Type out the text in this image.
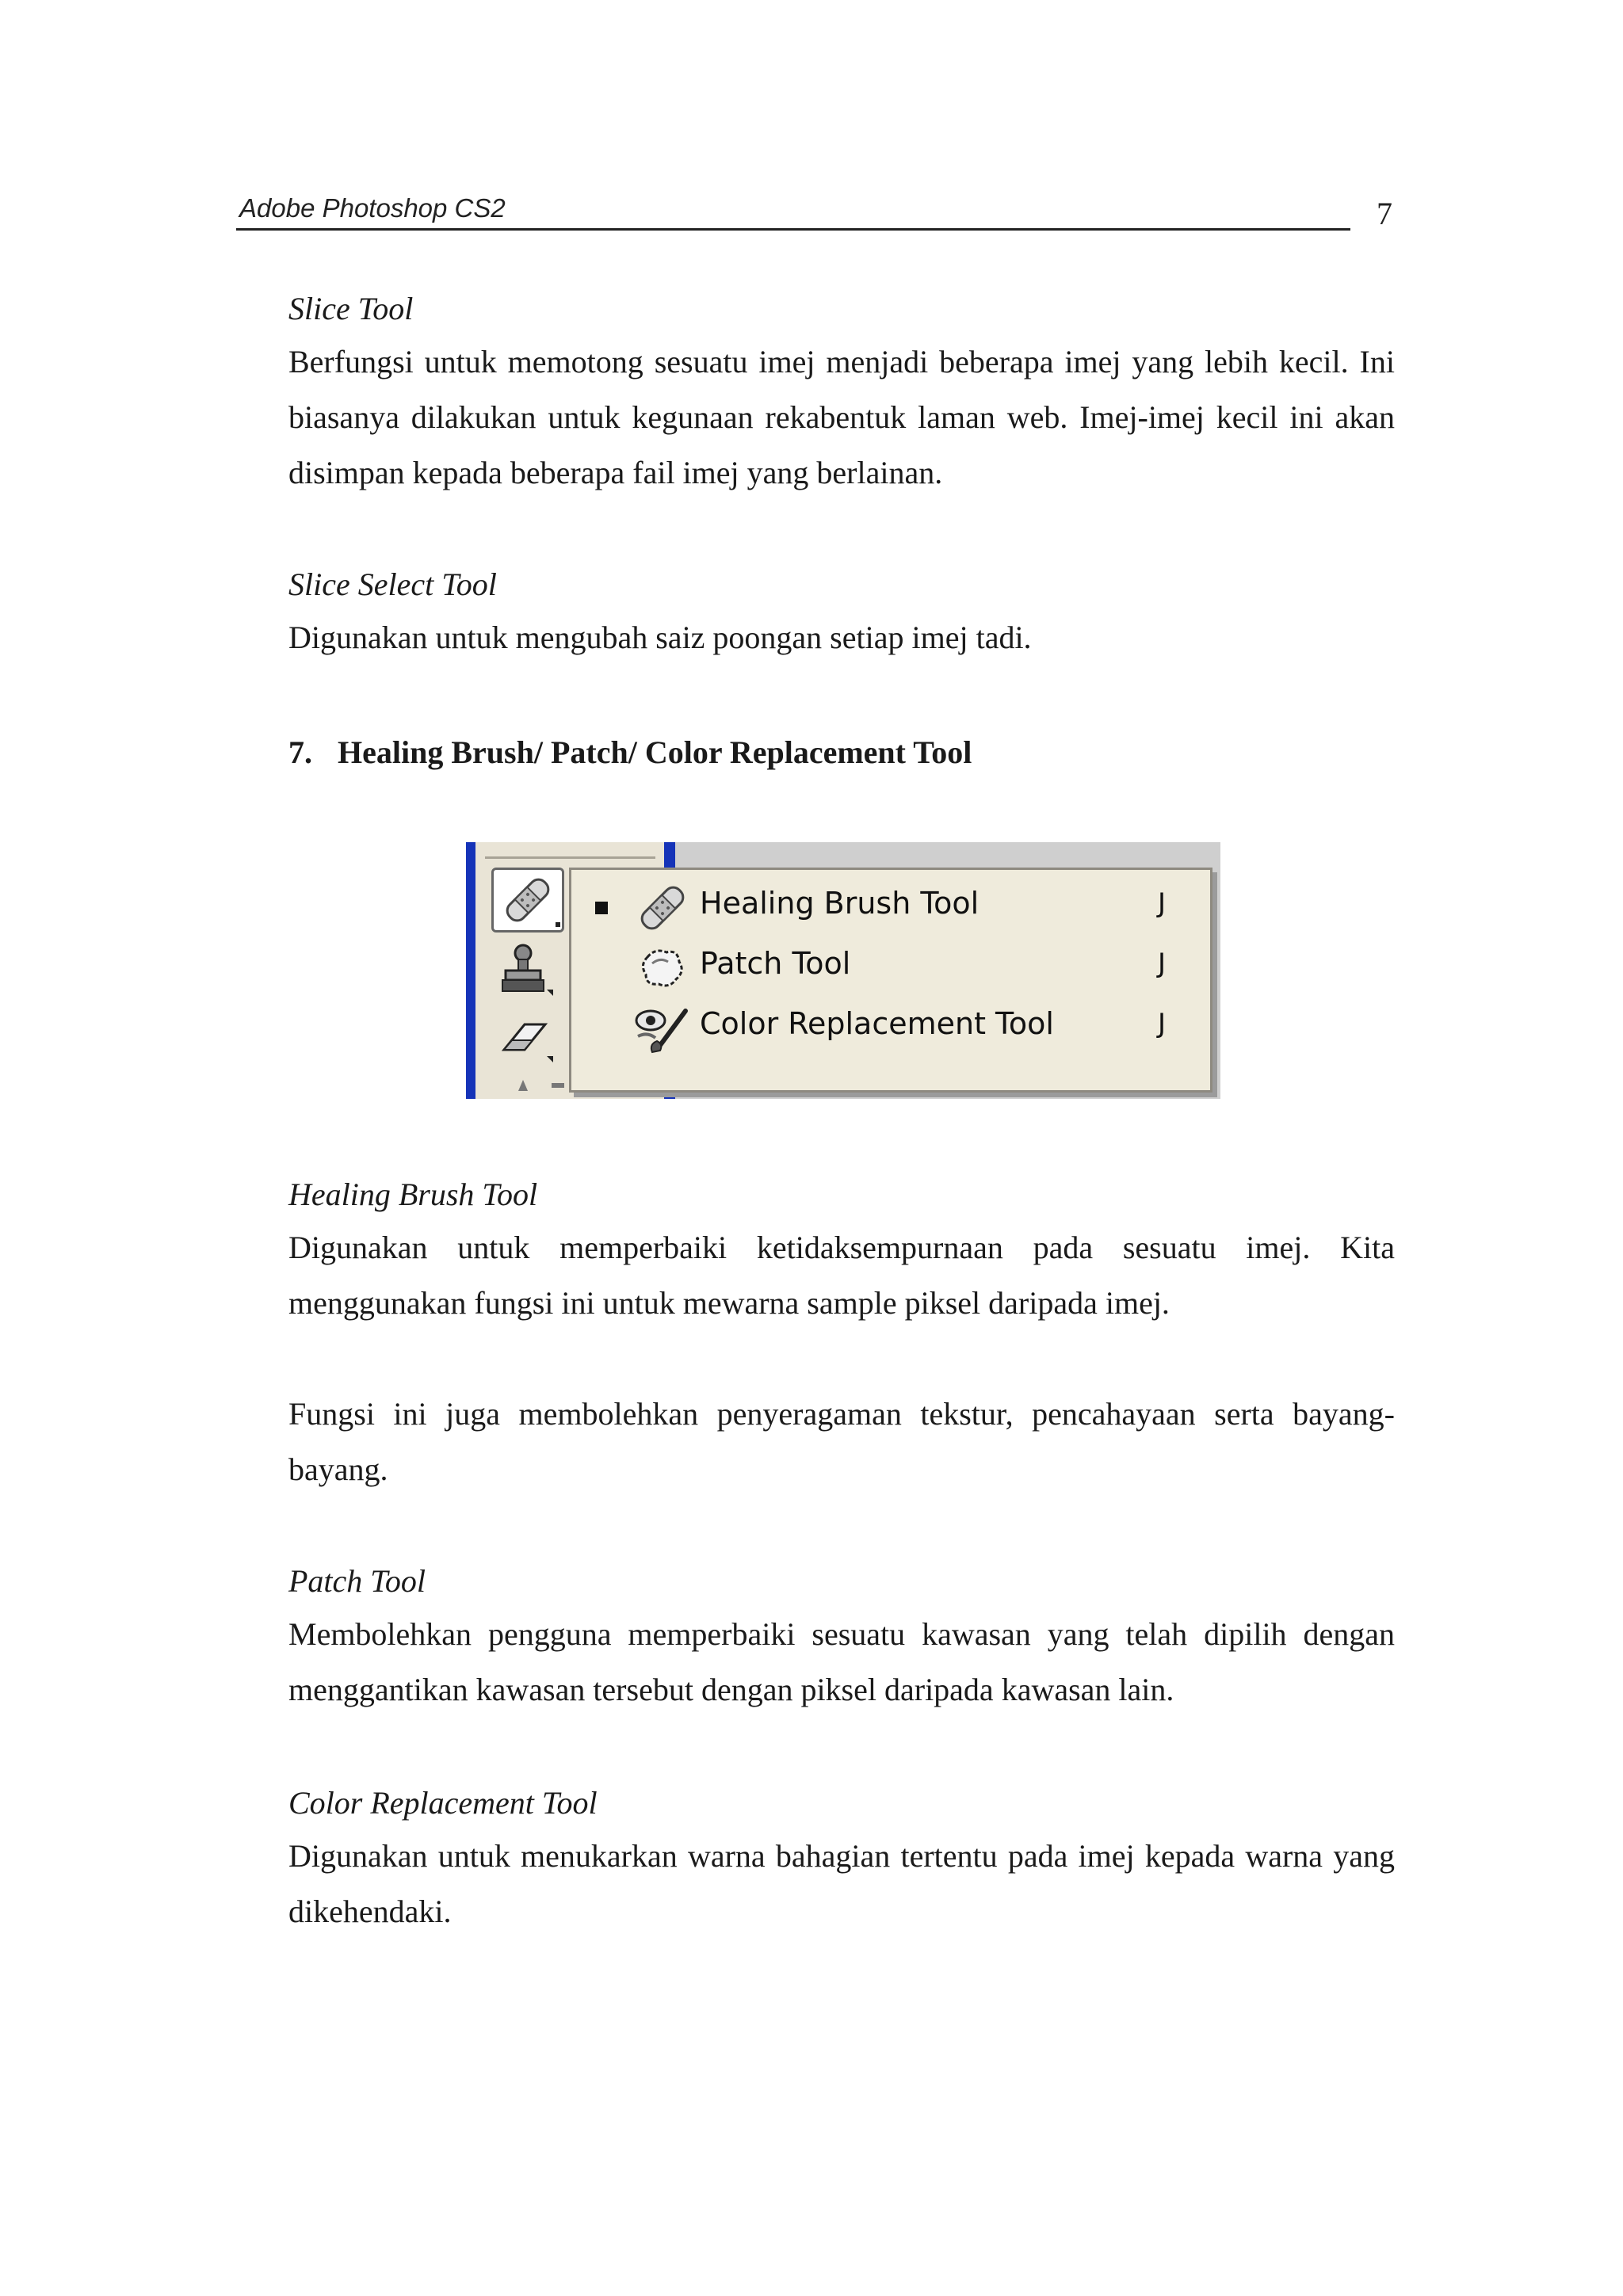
Adobe Photoshop CS2	7
Slice Tool
Berfungsi untuk memotong sesuatu imej menjadi beberapa imej yang lebih kecil. Ini
biasanya dilakukan untuk kegunaan rekabentuk laman web. Imej-imej kecil ini akan
disimpan kepada beberapa fail imej yang berlainan.
Slice Select Tool
Digunakan untuk mengubah saiz poongan setiap imej tadi.
7. Healing Brush/ Patch/ Color Replacement Tool
Healing Brush Tool
Digunakan untuk memperbaiki ketidaksempurnaan pada sesuatu imej. Kita
menggunakan fungsi ini untuk mewarna sample piksel daripada imej.
Fungsi ini juga membolehkan penyeragaman tekstur, pencahayaan serta bayang-
bayang.
Patch Tool
Membolehkan pengguna memperbaiki sesuatu kawasan yang telah dipilih dengan
menggantikan kawasan tersebut dengan piksel daripada kawasan lain.
Color Replacement Tool
Digunakan untuk menukarkan warna bahagian tertentu pada imej kepada warna yang
dikehendaki.
Healing Brush Tool	J
Patch Tool	J
Color Replacement Tool	J
